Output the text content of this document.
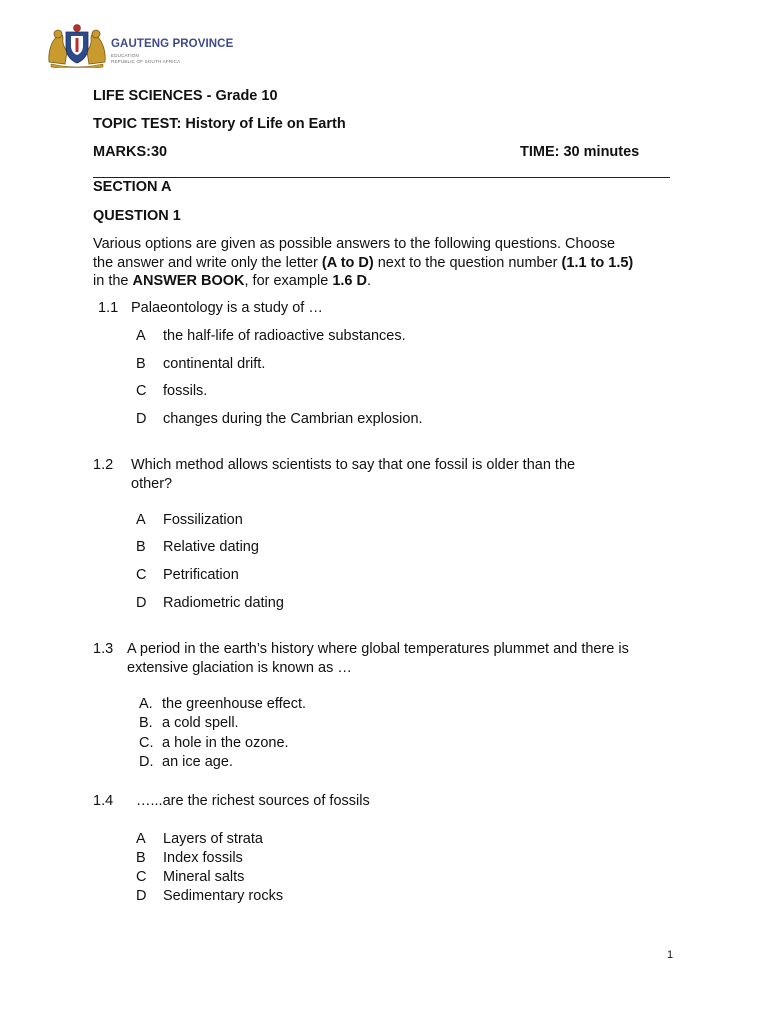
GAUTENG PROVINCE
EDUCATION
REPUBLIC OF SOUTH AFRICA
LIFE SCIENCES - Grade 10
TOPIC TEST: History of Life on Earth
MARKS:30	TIME: 30 minutes
SECTION A
QUESTION 1
Various options are given as possible answers to the following questions. Choose
the answer and write only the letter (A to D) next to the question number (1.1 to 1.5)
in the ANSWER BOOK, for example 1.6 D.
1.1 Palaeontology is a study of …
A the half-life of radioactive substances.
B continental drift.
C fossils.
D changes during the Cambrian explosion.
1.2 Which method allows scientists to say that one fossil is older than the
other?
A Fossilization
B Relative dating
C Petrification
D Radiometric dating
1.3 A period in the earth’s history where global temperatures plummet and there is
extensive glaciation is known as …
A. the greenhouse effect.
B. a cold spell.
C. a hole in the ozone.
D. an ice age.
1.4 …...are the richest sources of fossils
A Layers of strata
B Index fossils
C Mineral salts
D Sedimentary rocks
1
